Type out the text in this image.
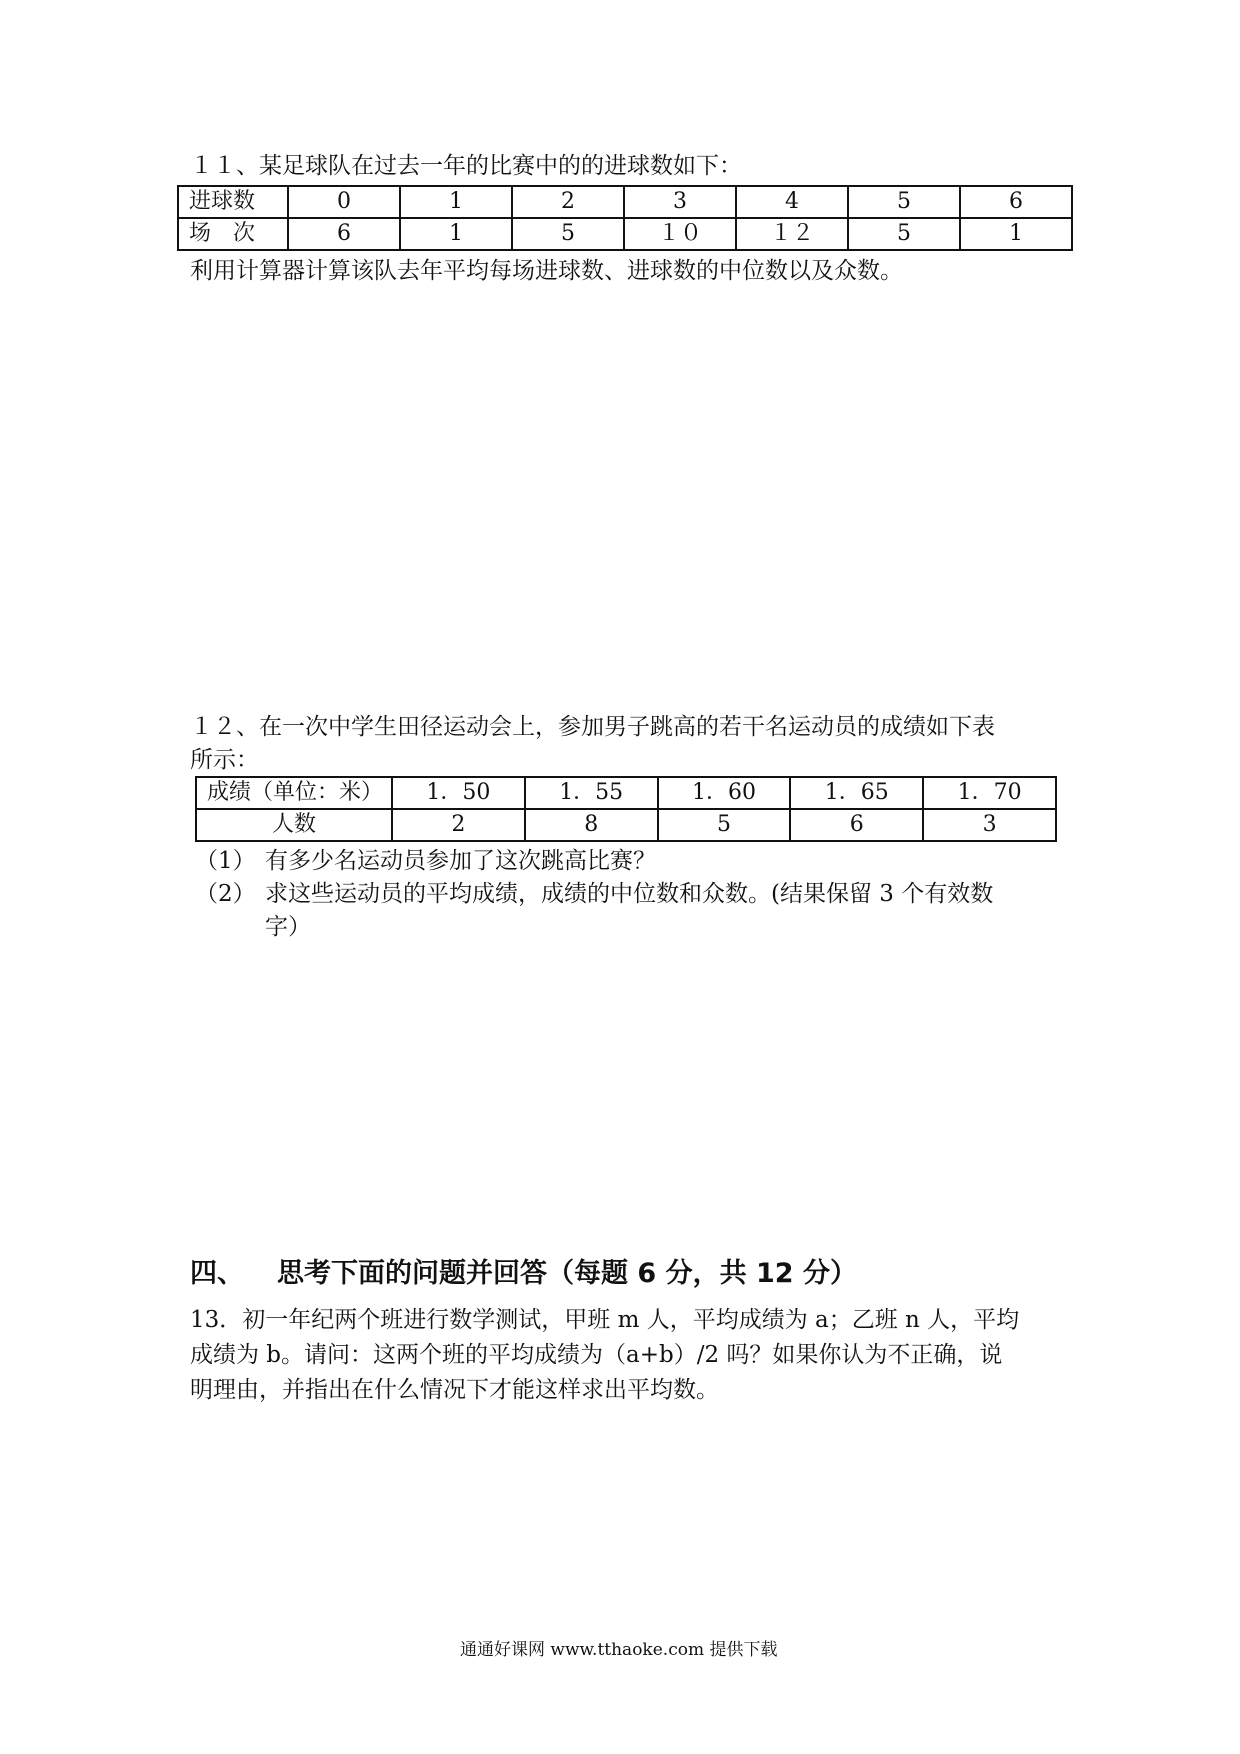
１１、某足球队在过去一年的比赛中的的进球数如下：
进球数	0	1	2	3	4	5	6
场　次	6	1	5	１０	１２	5	1
利用计算器计算该队去年平均每场进球数、进球数的中位数以及众数。
１２、在一次中学生田径运动会上，参加男子跳高的若干名运动员的成绩如下表
所示：
成绩（单位：米）	1．50	1．55	1．60	1．65	1．70
人数	2	8	5	6	3
（1） 有多少名运动员参加了这次跳高比赛？
（2） 求这些运动员的平均成绩，成绩的中位数和众数。(结果保留 3 个有效数
字）
四、 思考下面的问题并回答（每题 6 分，共 12 分）
13．初一年纪两个班进行数学测试，甲班 m 人，平均成绩为 a；乙班 n 人，平均
成绩为 b。请问：这两个班的平均成绩为（a+b）/2 吗？如果你认为不正确，说
明理由，并指出在什么情况下才能这样求出平均数。
通通好课网 www.tthaoke.com 提供下载
